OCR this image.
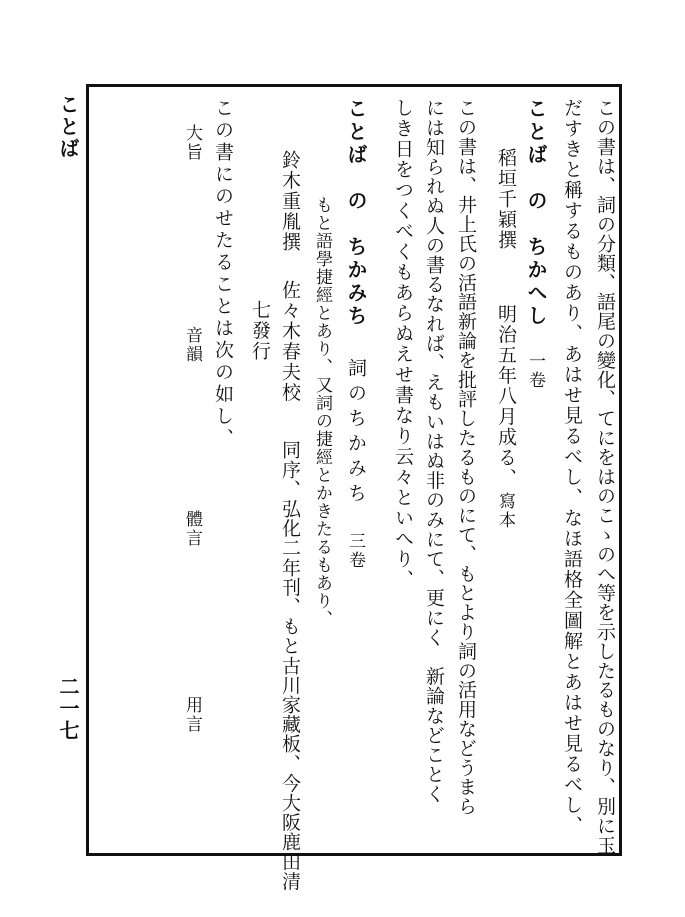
ことば
二一七	この書は、詞の分類、語尾の變化、てにをはのこゝのへ等を示したるものなり、別に玉
だすきと稱するものあり、あはせ見るべし、なほ語格全圖解とあはせ見るべし、
ことば　の　ちかへし
一卷
稻垣千穎撰
明治五年八月成る、
寫本
この書は、井上氏の活語新論を批評したるものにて、もとより詞の活用などうまら
には知られぬ人の書るなれば、えもいはぬ非のみにて、更にく　新論などことく
しき日をつくべくもあらぬえせ書なり云々といへり、
ことば　の　ちかみち
詞のちかみち
三卷
もと語學捷經とあり、又詞の捷經とかきたるもあり、
鈴木重胤撰
佐々木春夫校
同序、弘化二年刊、もと古川家藏板、今大阪鹿田清
七發行
この書にのせたることは次の如し、
大旨
音韻
體言
用言
